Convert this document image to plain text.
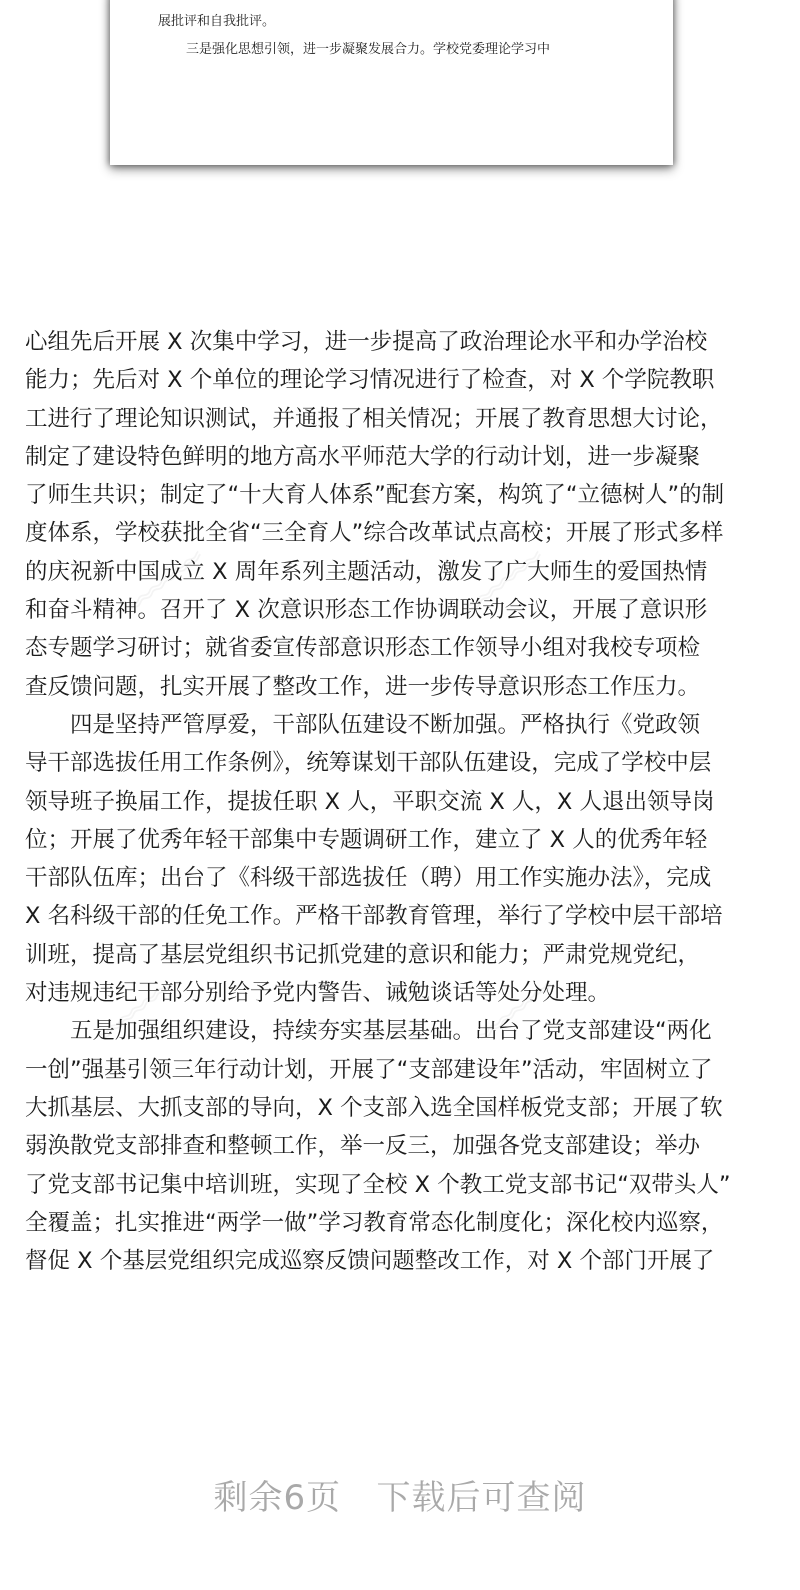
展批评和自我批评。
三是强化思想引领，进一步凝聚发展合力。学校党委理论学习中
﹌﹌	﹌﹌
﹌﹌	﹌﹌
心组先后开展 X 次集中学习，进一步提高了政治理论水平和办学治校
能力；先后对 X 个单位的理论学习情况进行了检查，对 X 个学院教职
工进行了理论知识测试，并通报了相关情况；开展了教育思想大讨论，
制定了建设特色鲜明的地方高水平师范大学的行动计划，进一步凝聚
了师生共识；制定了“十大育人体系”配套方案，构筑了“立德树人”的制
度体系，学校获批全省“三全育人”综合改革试点高校；开展了形式多样
的庆祝新中国成立 X 周年系列主题活动，激发了广大师生的爱国热情
和奋斗精神。召开了 X 次意识形态工作协调联动会议，开展了意识形
态专题学习研讨；就省委宣传部意识形态工作领导小组对我校专项检
查反馈问题，扎实开展了整改工作，进一步传导意识形态工作压力。
　　四是坚持严管厚爱，干部队伍建设不断加强。严格执行《党政领
导干部选拔任用工作条例》，统筹谋划干部队伍建设，完成了学校中层
领导班子换届工作，提拔任职 X 人，平职交流 X 人，X 人退出领导岗
位；开展了优秀年轻干部集中专题调研工作，建立了 X 人的优秀年轻
干部队伍库；出台了《科级干部选拔任（聘）用工作实施办法》，完成
X 名科级干部的任免工作。严格干部教育管理，举行了学校中层干部培
训班，提高了基层党组织书记抓党建的意识和能力；严肃党规党纪，
对违规违纪干部分别给予党内警告、诫勉谈话等处分处理。
　　五是加强组织建设，持续夯实基层基础。出台了党支部建设“两化
一创”强基引领三年行动计划，开展了“支部建设年”活动，牢固树立了
大抓基层、大抓支部的导向，X 个支部入选全国样板党支部；开展了软
弱涣散党支部排查和整顿工作，举一反三，加强各党支部建设；举办
了党支部书记集中培训班，实现了全校 X 个教工党支部书记“双带头人”
全覆盖；扎实推进“两学一做”学习教育常态化制度化；深化校内巡察，
督促 X 个基层党组织完成巡察反馈问题整改工作，对 X 个部门开展了
剩余6页   下载后可查阅
